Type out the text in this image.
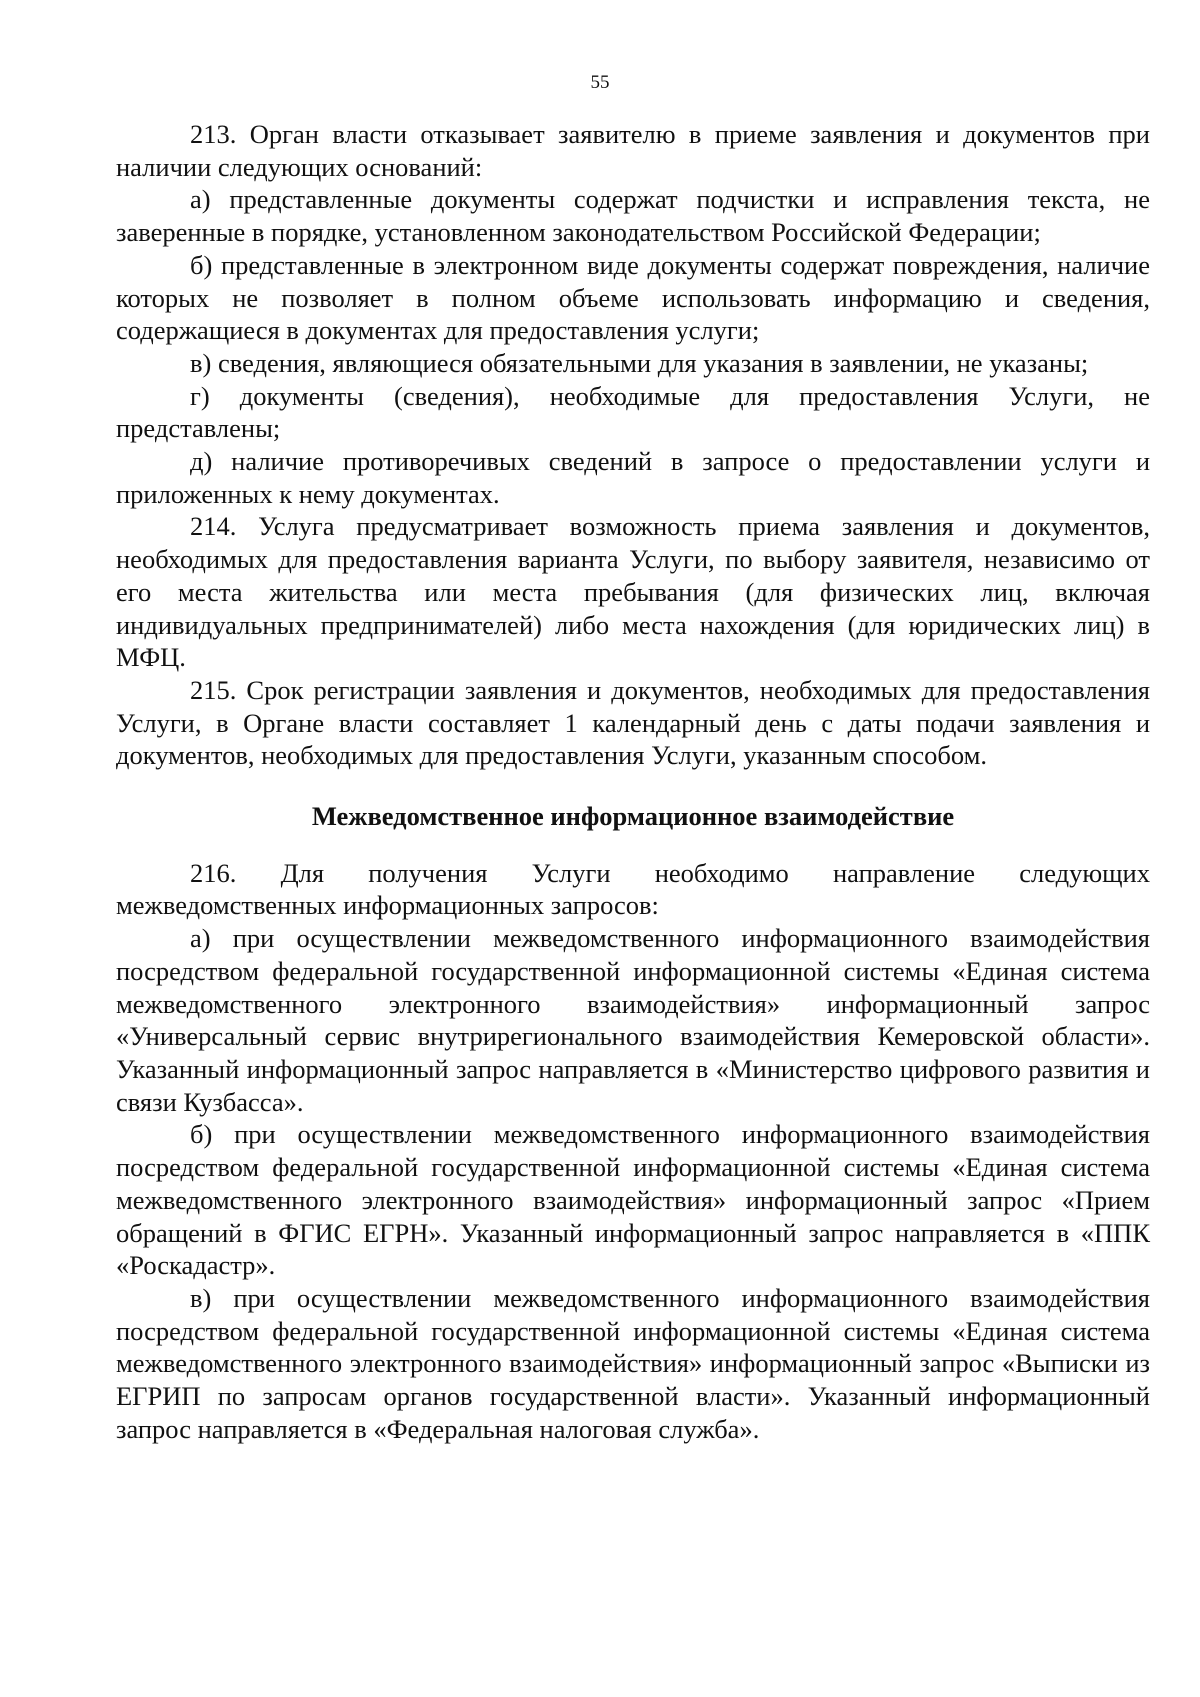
55

213. Орган власти отказывает заявителю в приеме заявления и документов при наличии следующих оснований:

а) представленные документы содержат подчистки и исправления текста, не заверенные в порядке, установленном законодательством Российской Федерации;

б) представленные в электронном виде документы содержат повреждения, наличие которых не позволяет в полном объеме использовать информацию и сведения, содержащиеся в документах для предоставления услуги;

в) сведения, являющиеся обязательными для указания в заявлении, не указаны;

г) документы (сведения), необходимые для предоставления Услуги, не представлены;

д) наличие противоречивых сведений в запросе о предоставлении услуги и приложенных к нему документах.

214. Услуга предусматривает возможность приема заявления и документов, необходимых для предоставления варианта Услуги, по выбору заявителя, независимо от его места жительства или места пребывания (для физических лиц, включая индивидуальных предпринимателей) либо места нахождения (для юридических лиц) в МФЦ.

215. Срок регистрации заявления и документов, необходимых для предоставления Услуги, в Органе власти составляет 1 календарный день с даты подачи заявления и документов, необходимых для предоставления Услуги, указанным способом.

Межведомственное информационное взаимодействие

216. Для получения Услуги необходимо направление следующих межведомственных информационных запросов:

а) при осуществлении межведомственного информационного взаимодействия посредством федеральной государственной информационной системы «Единая система межведомственного электронного взаимодействия» информационный запрос «Универсальный сервис внутрирегионального взаимодействия Кемеровской области». Указанный информационный запрос направляется в «Министерство цифрового развития и связи Кузбасса».

б) при осуществлении межведомственного информационного взаимодействия посредством федеральной государственной информационной системы «Единая система межведомственного электронного взаимодействия» информационный запрос «Прием обращений в ФГИС ЕГРН». Указанный информационный запрос направляется в «ППК «Роскадастр».

в) при осуществлении межведомственного информационного взаимодействия посредством федеральной государственной информационной системы «Единая система межведомственного электронного взаимодействия» информационный запрос «Выписки из ЕГРИП по запросам органов государственной власти». Указанный информационный запрос направляется в «Федеральная налоговая служба».
